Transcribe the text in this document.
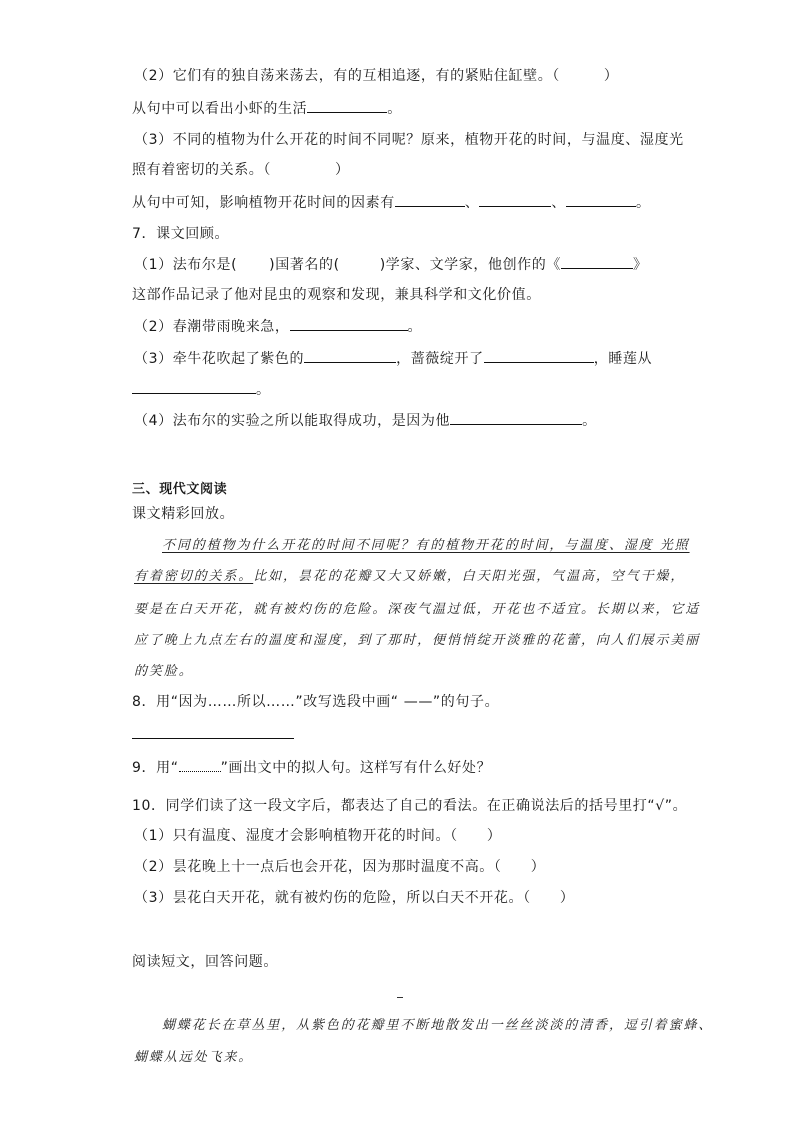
（2）它们有的独自荡来荡去，有的互相追逐，有的紧贴住缸壁。（	）
从句中可以看出小虾的生活	。
（3）不同的植物为什么开花的时间不同呢？原来，植物开花的时间，与温度、湿度光
照有着密切的关系。（	）
从句中可知，影响植物开花时间的因素有	、	、	。
7．课文回顾。
（1）法布尔是( )国著名的(	)学家、文学家，他创作的《	》
这部作品记录了他对昆虫的观察和发现，兼具科学和文化价值。
（2）春潮带雨晚来急，	。
（3）牵牛花吹起了紫色的	，蔷薇绽开了	，睡莲从
。
（4）法布尔的实验之所以能取得成功，是因为他	。
三、现代文阅读
课文精彩回放。
不同的植物为什么开花的时间不同呢？有的植物开花的时间，与温度、湿度 光照
有着密切的关系。比如，昙花的花瓣又大又娇嫩，白天阳光强，气温高，空气干燥，
要是在白天开花，就有被灼伤的危险。深夜气温过低，开花也不适宜。长期以来，它适
应了晚上九点左右的温度和湿度，到了那时，便悄悄绽开淡雅的花蕾，向人们展示美丽
的笑脸。
8．用“因为……所以……”改写选段中画“ ——”的句子。
9．用“	”画出文中的拟人句。这样写有什么好处？
10．同学们读了这一段文字后，都表达了自己的看法。在正确说法后的括号里打“√”。
（1）只有温度、湿度才会影响植物开花的时间。（　　）
（2）昙花晚上十一点后也会开花，因为那时温度不高。（　　）
（3）昙花白天开花，就有被灼伤的危险，所以白天不开花。（　　）
阅读短文，回答问题。
蝴蝶花长在草丛里，从紫色的花瓣里不断地散发出一丝丝淡淡的清香，逗引着蜜蜂、
蝴蝶从远处飞来。
